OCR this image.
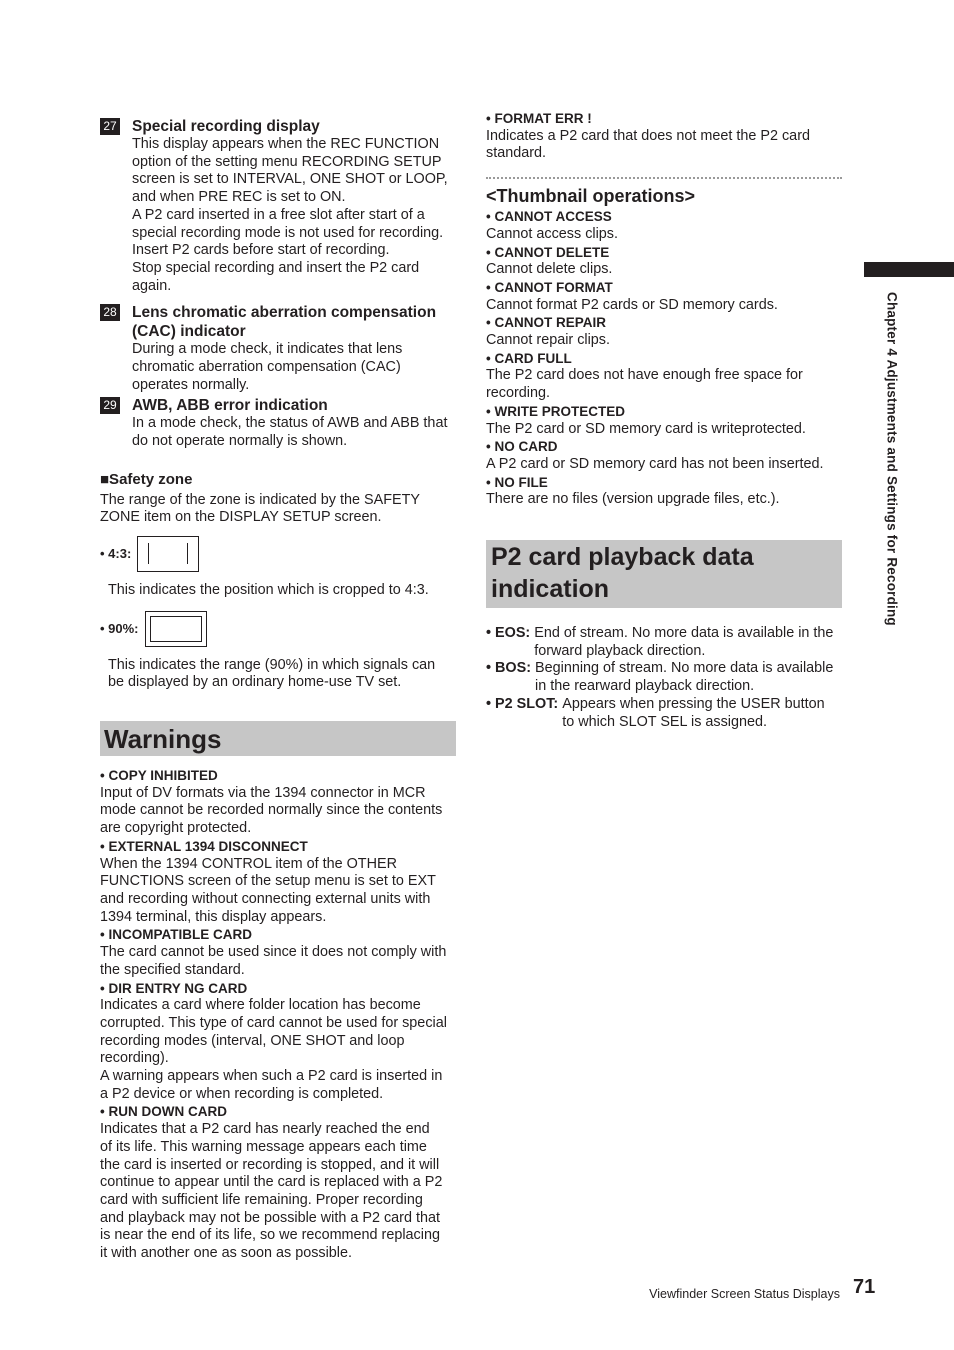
27 Special recording display

This display appears when the REC FUNCTION

option of the setting menu RECORDING SETUP

screen is set to INTERVAL, ONE SHOT or LOOP,

and when PRE REC is set to ON.

A P2 card inserted in a free slot after start of a

special recording mode is not used for recording.

Insert P2 cards before start of recording.

Stop special recording and insert the P2 card

again.

28 Lens chromatic aberration compensation

(CAC) indicator

During a mode check, it indicates that lens

chromatic aberration compensation (CAC)

operates normally.

29 AWB, ABB error indication

In a mode check, the status of AWB and ABB that

do not operate normally is shown.

■Safety zone

The range of the zone is indicated by the SAFETY

ZONE item on the DISPLAY SETUP screen.

• 4:3:

This indicates the position which is cropped to 4:3.

• 90%:

This indicates the range (90%) in which signals can

be displayed by an ordinary home-use TV set.

Warnings

• COPY INHIBITED

Input of DV formats via the 1394 connector in MCR

mode cannot be recorded normally since the contents

are copyright protected.

• EXTERNAL 1394 DISCONNECT

When the 1394 CONTROL item of the OTHER

FUNCTIONS screen of the setup menu is set to EXT

and recording without connecting external units with

1394 terminal, this display appears.

• INCOMPATIBLE CARD

The card cannot be used since it does not comply with

the specified standard.

• DIR ENTRY NG CARD

Indicates a card where folder location has become

corrupted. This type of card cannot be used for special

recording modes (interval, ONE SHOT and loop

recording).

A warning appears when such a P2 card is inserted in

a P2 device or when recording is completed.

• RUN DOWN CARD

Indicates that a P2 card has nearly reached the end

of its life. This warning message appears each time

the card is inserted or recording is stopped, and it will

continue to appear until the card is replaced with a P2

card with sufficient life remaining. Proper recording

and playback may not be possible with a P2 card that

is near the end of its life, so we recommend replacing

it with another one as soon as possible.

• FORMAT ERR !

Indicates a P2 card that does not meet the P2 card

standard.

<Thumbnail operations>

• CANNOT ACCESS

Cannot access clips.

• CANNOT DELETE

Cannot delete clips.

• CANNOT FORMAT

Cannot format P2 cards or SD memory cards.

• CANNOT REPAIR

Cannot repair clips.

• CARD FULL

The P2 card does not have enough free space for

recording.

• WRITE PROTECTED

The P2 card or SD memory card is writeprotected.

• NO CARD

A P2 card or SD memory card has not been inserted.

• NO FILE

There are no files (version upgrade files, etc.).

P2 card playback data
indication
• EOS: End of stream. No more data is available in the

forward playback direction.

• BOS: Beginning of stream. No more data is available

in the rearward playback direction.

• P2 SLOT: Appears when pressing the USER button

to which SLOT SEL is assigned.

Chapter 4 Adjustments and Settings for Recording
Viewfinder Screen Status Displays 71
